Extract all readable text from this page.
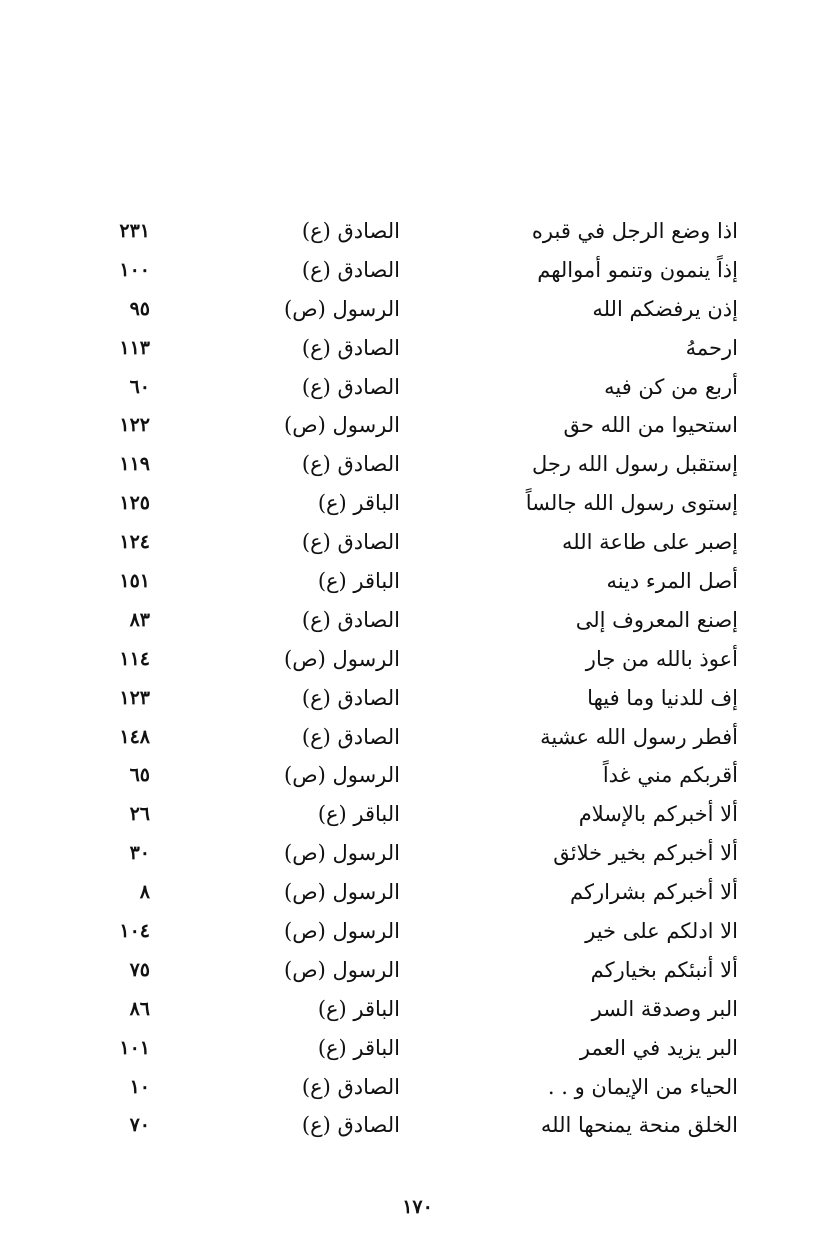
اذا وضع الرجل في قبره
الصادق (ع)
٢٣١
إذاً ينمون وتنمو أموالهم
الصادق (ع)
١٠٠
إذن يرفضكم الله
الرسول (ص)
٩٥
ارحمهُ
الصادق (ع)
١١٣
أربع من كن فيه
الصادق (ع)
٦٠
استحيوا من الله حق
الرسول (ص)
١٢٢
إستقبل رسول الله رجل
الصادق (ع)
١١٩
إستوى رسول الله جالساً
الباقر (ع)
١٢٥
إصبر على طاعة الله
الصادق (ع)
١٢٤
أصل المرء دينه
الباقر (ع)
١٥١
إصنع المعروف إلى
الصادق (ع)
٨٣
أعوذ بالله من جار
الرسول (ص)
١١٤
إف للدنيا وما فيها
الصادق (ع)
١٢٣
أفطر رسول الله عشية
الصادق (ع)
١٤٨
أقربكم مني غداً
الرسول (ص)
٦٥
ألا أخبركم بالإسلام
الباقر (ع)
٢٦
ألا أخبركم بخير خلائق
الرسول (ص)
٣٠
ألا أخبركم بشراركم
الرسول (ص)
٨
الا ادلكم على خير
الرسول (ص)
١٠٤
ألا أنبئكم بخياركم
الرسول (ص)
٧٥
البر وصدقة السر
الباقر (ع)
٨٦
البر يزيد في العمر
الباقر (ع)
١٠١
الحياء من الإيمان و . .
الصادق (ع)
١٠
الخلق منحة يمنحها الله
الصادق (ع)
٧٠
١٧٠
